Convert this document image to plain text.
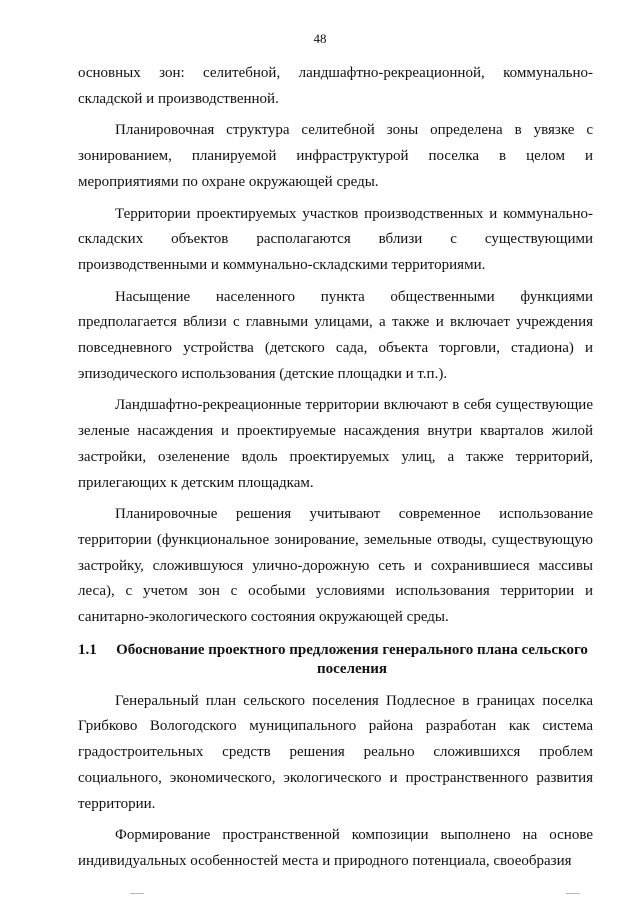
48

основных зон: селитебной, ландшафтно-рекреационной, коммунально-складской и производственной.

Планировочная структура селитебной зоны определена в увязке с зонированием, планируемой инфраструктурой поселка в целом и мероприятиями по охране окружающей среды.

Территории проектируемых участков производственных и коммунально-складских объектов располагаются вблизи с существующими производственными и коммунально-складскими территориями.

Насыщение населенного пункта общественными функциями предполагается вблизи с главными улицами, а также и включает учреждения повседневного устройства (детского сада, объекта торговли, стадиона) и эпизодического использования (детские площадки и т.п.).

Ландшафтно-рекреационные территории включают в себя существующие зеленые насаждения и проектируемые насаждения внутри кварталов жилой застройки, озеленение вдоль проектируемых улиц, а также территорий, прилегающих к детским площадкам.

Планировочные решения учитывают современное использование территории (функциональное зонирование, земельные отводы, существующую застройку, сложившуюся улично-дорожную сеть и сохранившиеся массивы леса), с учетом зон с особыми условиями использования территории и санитарно-экологического состояния окружающей среды.

1.1	Обоснование проектного предложения генерального плана сельского поселения

Генеральный план сельского поселения Подлесное в границах поселка Грибково Вологодского муниципального района разработан как система градостроительных средств решения реально сложившихся проблем социального, экономического, экологического и пространственного развития территории.

Формирование пространственной композиции выполнено на основе индивидуальных особенностей места и природного потенциала, своеобразия
